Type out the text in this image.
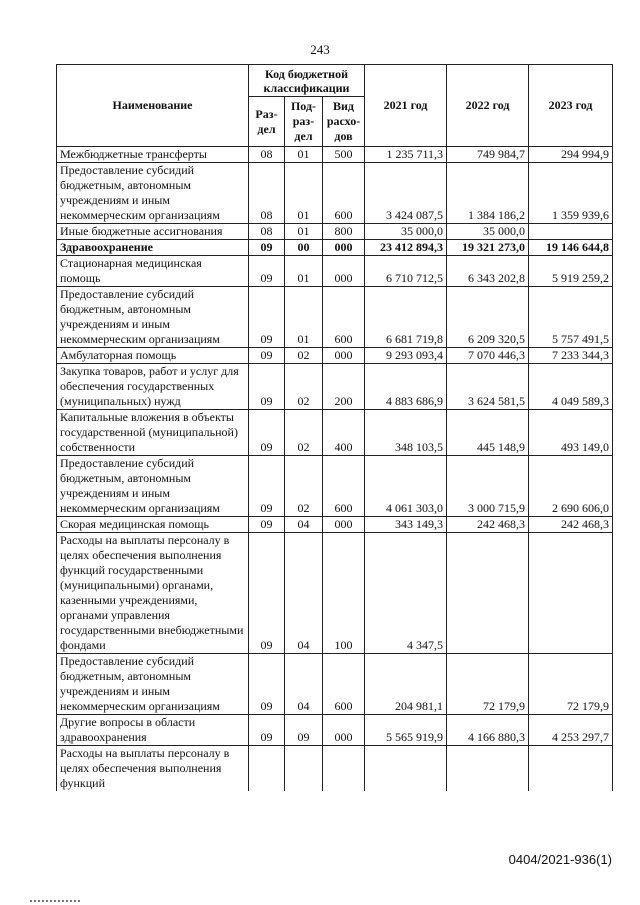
243
Наименование	Код бюджетной классификации			2021 год	2022 год	2023 год
	Раз-дел	Под-раз-дел	Вид расхо-дов			
Межбюджетные трансферты	08	01	500	1 235 711,3	749 984,7	294 994,9
Предоставление субсидий бюджетным, автономным учреждениям и иным некоммерческим организациям	08	01	600	3 424 087,5	1 384 186,2	1 359 939,6
Иные бюджетные ассигнования	08	01	800	35 000,0	35 000,0	
Здравоохранение	09	00	000	23 412 894,3	19 321 273,0	19 146 644,8
Стационарная медицинская помощь	09	01	000	6 710 712,5	6 343 202,8	5 919 259,2
Предоставление субсидий бюджетным, автономным учреждениям и иным некоммерческим организациям	09	01	600	6 681 719,8	6 209 320,5	5 757 491,5
Амбулаторная помощь	09	02	000	9 293 093,4	7 070 446,3	7 233 344,3
Закупка товаров, работ и услуг для обеспечения государственных (муниципальных) нужд	09	02	200	4 883 686,9	3 624 581,5	4 049 589,3
Капитальные вложения в объекты государственной (муниципальной) собственности	09	02	400	348 103,5	445 148,9	493 149,0
Предоставление субсидий бюджетным, автономным учреждениям и иным некоммерческим организациям	09	02	600	4 061 303,0	3 000 715,9	2 690 606,0
Скорая медицинская помощь	09	04	000	343 149,3	242 468,3	242 468,3
Расходы на выплаты персоналу в целях обеспечения выполнения функций государственными (муниципальными) органами, казенными учреждениями, органами управления государственными внебюджетными фондами	09	04	100	4 347,5		
Предоставление субсидий бюджетным, автономным учреждениям и иным некоммерческим организациям	09	04	600	204 981,1	72 179,9	72 179,9
Другие вопросы в области здравоохранения	09	09	000	5 565 919,9	4 166 880,3	4 253 297,7
Расходы на выплаты персоналу в целях обеспечения выполнения функций						
0404/2021-936(1)
